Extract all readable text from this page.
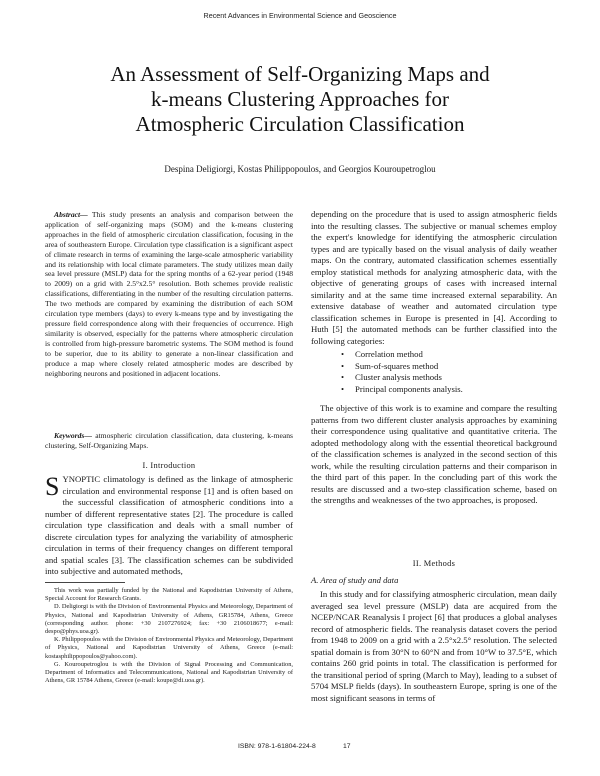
Recent Advances in Environmental Science and Geoscience
An Assessment of Self-Organizing Maps and
k-means Clustering Approaches for
Atmospheric Circulation Classification
Despina Deligiorgi, Kostas Philippopoulos, and Georgios Kouroupetroglou

Abstract— This study presents an analysis and comparison between the application of self-organizing maps (SOM) and the k-means clustering approaches in the field of atmospheric circulation classification, focusing in the area of southeastern Europe. Circulation type classification is a significant aspect of climate research in terms of examining the large-scale atmospheric variability and its relationship with local climate parameters. The study utilizes mean daily sea level pressure (MSLP) data for the spring months of a 62-year period (1948 to 2009) on a grid with 2.5°x2.5° resolution. Both schemes provide realistic classifications, differentiating in the number of the resulting circulation patterns. The two methods are compared by examining the distribution of each SOM circulation type members (days) to every k-means type and by investigating the pressure field correspondence along with their frequencies of occurrence. High similarity is observed, especially for the patterns where atmospheric circulation is controlled from high-pressure barometric systems. The SOM method is found to be superior, due to its ability to generate a non-linear classification and produce a map where closely related atmospheric modes are described by neighboring neurons and positioned in adjacent locations.

Keywords— atmospheric circulation classification, data clustering, k-means clustering, Self-Organizing Maps.

I. Introduction

SYNOPTIC climatology is defined as the linkage of atmospheric circulation and environmental response [1] and is often based on the successful classification of atmospheric conditions into a number of different representative states [2]. The procedure is called circulation type classification and deals with a small number of discrete circulation types for analyzing the variability of atmospheric circulation in terms of their frequency changes on different temporal and spatial scales [3]. The classification schemes can be subdivided into subjective and automated methods,

This work was partially funded by the National and Kapodistrian University of Athens, Special Account for Research Grants.

D. Deligiorgi is with the Division of Environmental Physics and Meteorology, Department of Physics, National and Kapodistrian University of Athens, GR15784, Athens, Greece (corresponding author. phone: +30 2107276924; fax: +30 2106018677; e-mail: despo@phys.uoa.gr).

K. Philippopoulos with the Division of Environmental Physics and Meteorology, Department of Physics, National and Kapodistrian University of Athens, Greece (e-mail: kostasphilippopoulos@yahoo.com).

G. Kouroupetroglou is with the Division of Signal Processing and Communication, Department of Informatics and Telecommunications, National and Kapodistrian University of Athens, GR 15784 Athens, Greece (e-mail: koupe@di.uoa.gr).

depending on the procedure that is used to assign atmospheric fields into the resulting classes. The subjective or manual schemes employ the expert's knowledge for identifying the atmospheric circulation types and are typically based on the visual analysis of daily weather maps. On the contrary, automated classification schemes essentially employ statistical methods for analyzing atmospheric data, with the objective of generating groups of cases with increased internal similarity and at the same time increased external separability. An extensive database of weather and automated circulation type classification schemes in Europe is presented in [4]. According to Huth [5] the automated methods can be further classified into the following categories:

• Correlation method
• Sum-of-squares method
• Cluster analysis methods
• Principal components analysis.

The objective of this work is to examine and compare the resulting patterns from two different cluster analysis approaches by examining their correspondence using qualitative and quantitative criteria. The adopted methodology along with the essential theoretical background of the classification schemes is analyzed in the second section of this work, while the resulting circulation patterns and their comparison in the third part of this paper. In the concluding part of this work the results are discussed and a two-step classification scheme, based on the strengths and weaknesses of the two approaches, is proposed.

II. Methods
A. Area of study and data

In this study and for classifying atmospheric circulation, mean daily averaged sea level pressure (MSLP) data are acquired from the NCEP/NCAR Reanalysis I project [6] that produces a global analyses record of atmospheric fields. The reanalysis dataset covers the period from 1948 to 2009 on a grid with a 2.5°x2.5° resolution. The selected spatial domain is from 30°N to 60°N and from 10°W to 37.5°E, which contains 260 grid points in total. The classification is performed for the transitional period of spring (March to May), leading to a subset of 5704 MSLP fields (days). In southeastern Europe, spring is one of the most significant seasons in terms of

ISBN: 978-1-61804-224-8	17
